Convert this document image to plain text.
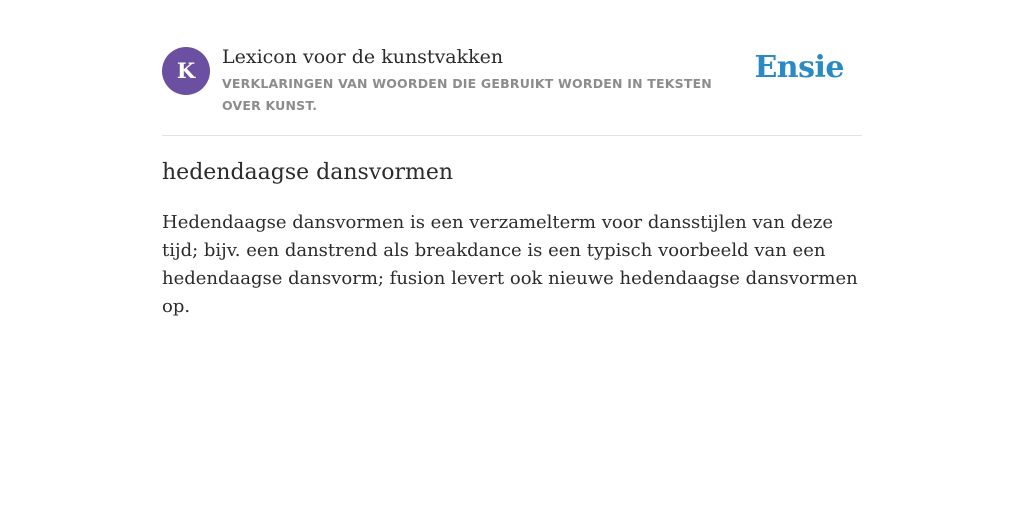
K
Lexicon voor de kunstvakken
VERKLARINGEN VAN WOORDEN DIE GEBRUIKT WORDEN IN TEKSTEN OVER KUNST.
Ensie
hedendaagse dansvormen

Hedendaagse dansvormen is een verzamelterm voor dansstijlen van deze tijd; bijv. een danstrend als breakdance is een typisch voorbeeld van een hedendaagse dansvorm; fusion levert ook nieuwe hedendaagse dansvormen op.
